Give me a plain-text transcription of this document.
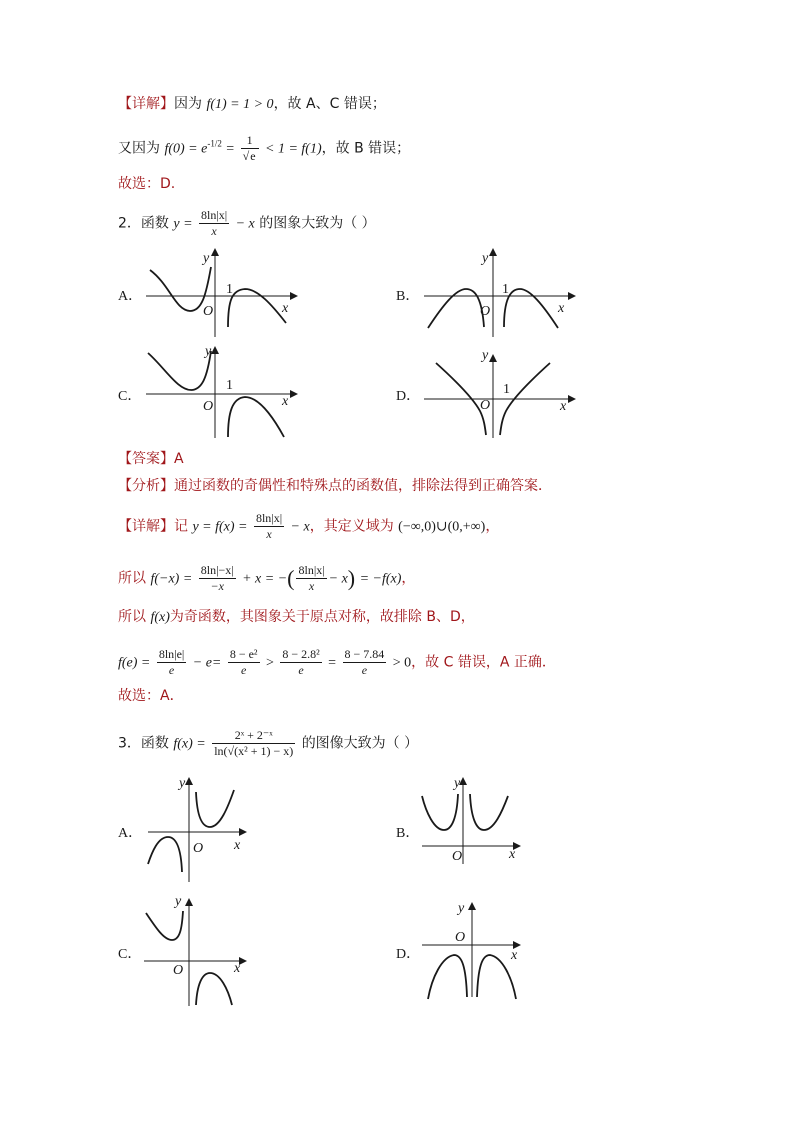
【详解】因为 f(1) = 1 > 0，故 A、C 错误；
又因为 $f(0) = e^{-1/2} = \frac{1}{√e} < 1 = f(1)$，故 B 错误；
故选：D.
2．函数 $y = \frac{8\ln|x|}{x} - x$ 的图象大致为（ ）
A．	B．
C．	D．
y
O
1
x
y
O
1
x
y
O
1
x
y
O
1
x
【答案】A
【分析】通过函数的奇偶性和特殊点的函数值，排除法得到正确答案．
【详解】记 $y = f(x) = \frac{8\ln|x|}{x} - x$，其定义域为 (−∞,0)∪(0,+∞)，
所以 $f(-x) = \frac{8\ln|-x|}{-x} + x$ = −( $\frac{8\ln|x|}{x} - x) = -f(x)$，
所以 f(x)为奇函数，其图象关于原点对称，故排除 B、D，
$f(e) = \frac{8\ln|e|}{e} - e= \frac{\text{8 − e²}}{e} > \frac{\text{8 − 2.8²}}{e} = \frac{8 - 7.84}{e} > 0$，故 C 错误，A 正确．
故选：A．
3．函数 $f(x) = \frac{\text{2ˣ + 2⁻ˣ}}{\text{ln(√(x² + 1) − x)}}$ 的图像大致为（ ）
A．	B．
C．	D．
y
O x
y
O	x
y
O	x
y
O
x
